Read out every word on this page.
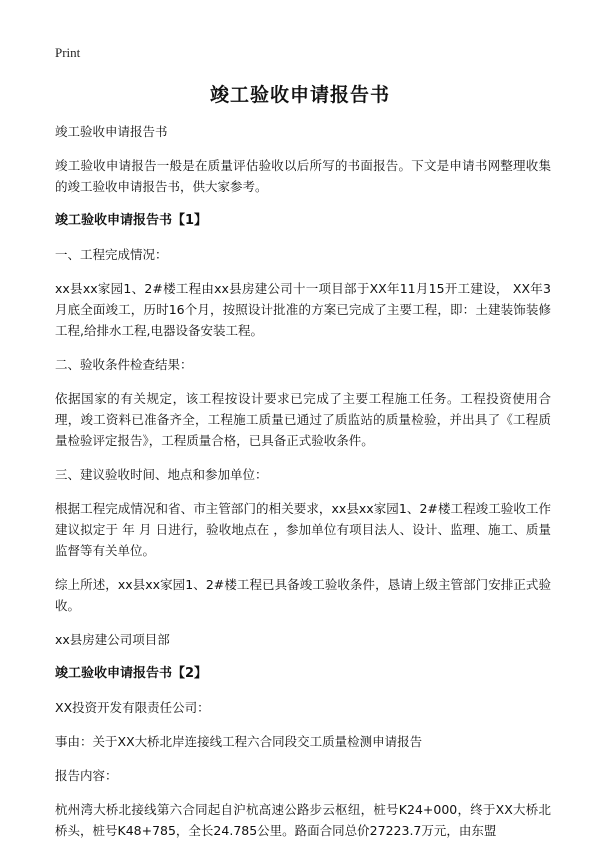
Print
竣工验收申请报告书

竣工验收申请报告书

竣工验收申请报告一般是在质量评估验收以后所写的书面报告。下文是申请书网整理收集的竣工验收申请报告书，供大家参考。

竣工验收申请报告书【1】

一、工程完成情况：

xx县xx家园1、2#楼工程由xx县房建公司十一项目部于XX年11月15开工建设， XX年3月底全面竣工，历时16个月，按照设计批准的方案已完成了主要工程，即：土建装饰装修工程,给排水工程,电器设备安装工程。

二、验收条件检查结果：

依据国家的有关规定，该工程按设计要求已完成了主要工程施工任务。工程投资使用合理，竣工资料已准备齐全，工程施工质量已通过了质监站的质量检验，并出具了《工程质量检验评定报告》，工程质量合格，已具备正式验收条件。

三、建议验收时间、地点和参加单位：

根据工程完成情况和省、市主管部门的相关要求，xx县xx家园1、2#楼工程竣工验收工作建议拟定于 年 月 日进行，验收地点在 ，参加单位有项目法人、设计、监理、施工、质量监督等有关单位。

综上所述，xx县xx家园1、2#楼工程已具备竣工验收条件，恳请上级主管部门安排正式验收。

xx县房建公司项目部

竣工验收申请报告书【2】

XX投资开发有限责任公司：

事由：关于XX大桥北岸连接线工程六合同段交工质量检测申请报告

报告内容：

杭州湾大桥北接线第六合同起自沪杭高速公路步云枢纽，桩号K24+000，终于XX大桥北桥头，桩号K48+785，全长24.785公里。路面合同总价27223.7万元，由东盟
